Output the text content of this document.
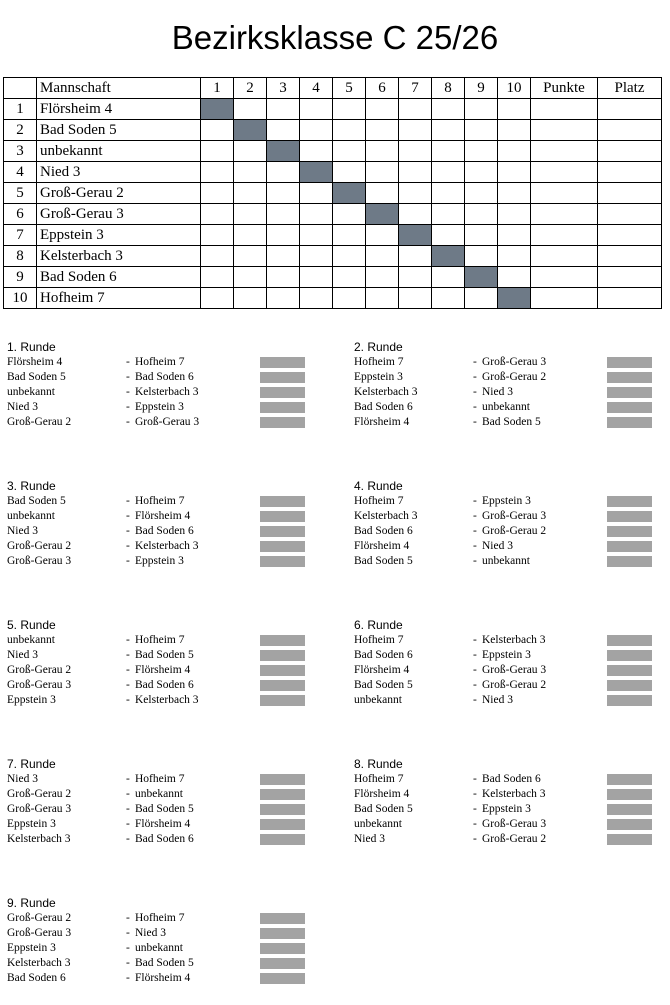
Bezirksklasse C 25/26
	Mannschaft	1	2	3	4	5	6	7	8	9	10	Punkte	Platz
1	Flörsheim 4												
2	Bad Soden 5												
3	unbekannt												
4	Nied 3												
5	Groß-Gerau 2												
6	Groß-Gerau 3												
7	Eppstein 3												
8	Kelsterbach 3												
9	Bad Soden 6												
10	Hofheim 7												
1. Runde
Flörsheim 4	- Hofheim 7
Bad Soden 5	- Bad Soden 6
unbekannt	- Kelsterbach 3
Nied 3	- Eppstein 3
Groß-Gerau 2	- Groß-Gerau 3
2. Runde
Hofheim 7	- Groß-Gerau 3
Eppstein 3	- Groß-Gerau 2
Kelsterbach 3	- Nied 3
Bad Soden 6	- unbekannt
Flörsheim 4	- Bad Soden 5
3. Runde
Bad Soden 5	- Hofheim 7
unbekannt	- Flörsheim 4
Nied 3	- Bad Soden 6
Groß-Gerau 2	- Kelsterbach 3
Groß-Gerau 3	- Eppstein 3
4. Runde
Hofheim 7	- Eppstein 3
Kelsterbach 3	- Groß-Gerau 3
Bad Soden 6	- Groß-Gerau 2
Flörsheim 4	- Nied 3
Bad Soden 5	- unbekannt
5. Runde
unbekannt	- Hofheim 7
Nied 3	- Bad Soden 5
Groß-Gerau 2	- Flörsheim 4
Groß-Gerau 3	- Bad Soden 6
Eppstein 3	- Kelsterbach 3
6. Runde
Hofheim 7	- Kelsterbach 3
Bad Soden 6	- Eppstein 3
Flörsheim 4	- Groß-Gerau 3
Bad Soden 5	- Groß-Gerau 2
unbekannt	- Nied 3
7. Runde
Nied 3	- Hofheim 7
Groß-Gerau 2	- unbekannt
Groß-Gerau 3	- Bad Soden 5
Eppstein 3	- Flörsheim 4
Kelsterbach 3	- Bad Soden 6
8. Runde
Hofheim 7	- Bad Soden 6
Flörsheim 4	- Kelsterbach 3
Bad Soden 5	- Eppstein 3
unbekannt	- Groß-Gerau 3
Nied 3	- Groß-Gerau 2
9. Runde
Groß-Gerau 2	- Hofheim 7
Groß-Gerau 3	- Nied 3
Eppstein 3	- unbekannt
Kelsterbach 3	- Bad Soden 5
Bad Soden 6	- Flörsheim 4
